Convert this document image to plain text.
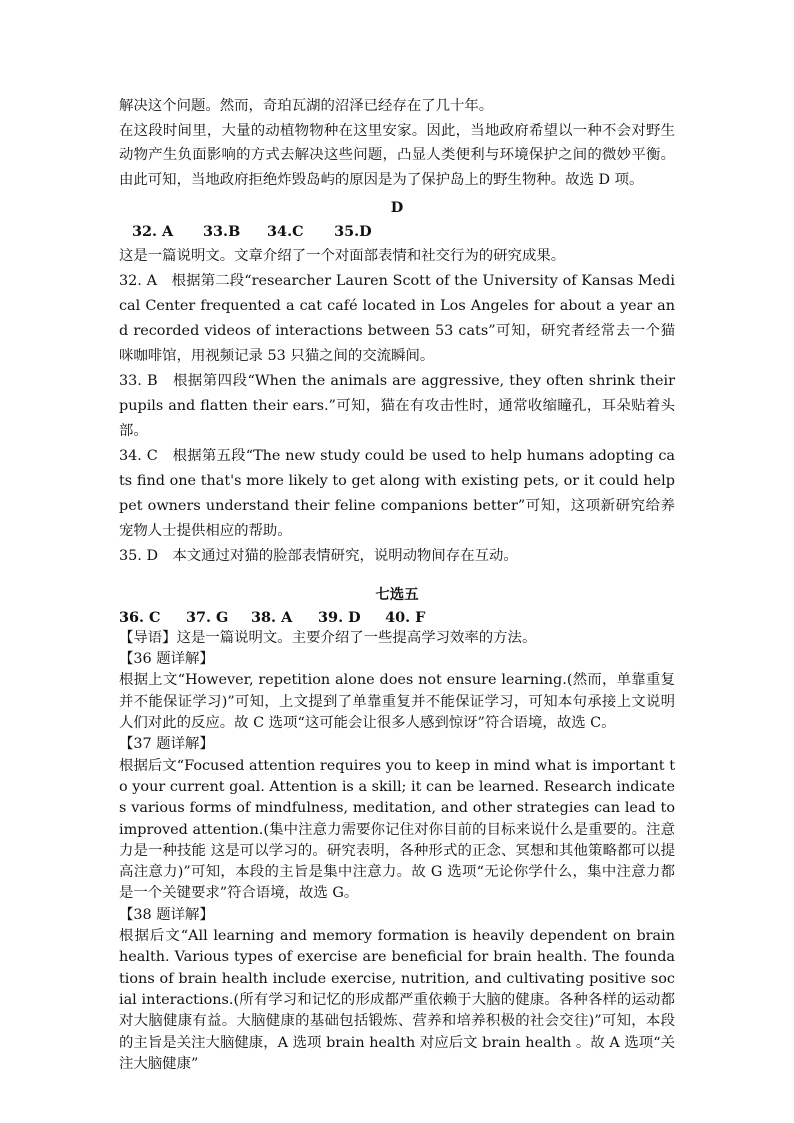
解决这个问题。然而，奇珀瓦湖的沼泽已经存在了几十年。

在这段时间里，大量的动植物物种在这里安家。因此，当地政府希望以一种不会对野生动物产生负面影响的方式去解决这些问题，凸显人类便利与环境保护之间的微妙平衡。由此可知，当地政府拒绝炸毁岛屿的原因是为了保护岛上的野生物种。故选 D 项。

D

32. A 33.B 34.C 35.D

这是一篇说明文。文章介绍了一个对面部表情和社交行为的研究成果。

32. A　根据第二段“researcher Lauren Scott of the University of Kansas Medical Center frequented a cat café located in Los Angeles for about a year and recorded videos of interactions between 53 cats”可知，研究者经常去一个猫咪咖啡馆，用视频记录 53 只猫之间的交流瞬间。

33. B　根据第四段“When the animals are aggressive, they often shrink their pupils and flatten their ears.”可知，猫在有攻击性时，通常收缩瞳孔，耳朵贴着头部。

34. C　根据第五段“The new study could be used to help humans adopting cats find one that's more likely to get along with existing pets, or it could help pet owners understand their feline companions better”可知，这项新研究给养宠物人士提供相应的帮助。

35. D　本文通过对猫的脸部表情研究，说明动物间存在互动。

七选五

36. C 37. G 38. A 39. D 40. F

【导语】这是一篇说明文。主要介绍了一些提高学习效率的方法。

【36 题详解】

根据上文“However, repetition alone does not ensure learning.(然而，单靠重复并不能保证学习)”可知，上文提到了单靠重复并不能保证学习，可知本句承接上文说明人们对此的反应。故 C 选项“这可能会让很多人感到惊讶”符合语境，故选 C。

【37 题详解】

根据后文“Focused attention requires you to keep in mind what is important to your current goal. Attention is a skill; it can be learned. Research indicates various forms of mindfulness, meditation, and other strategies can lead to improved attention.(集中注意力需要你记住对你目前的目标来说什么是重要的。注意力是一种技能 这是可以学习的。研究表明，各种形式的正念、冥想和其他策略都可以提高注意力)”可知，本段的主旨是集中注意力。故 G 选项“无论你学什么，集中注意力都是一个关键要求”符合语境，故选 G。

【38 题详解】

根据后文“All learning and memory formation is heavily dependent on brain health. Various types of exercise are beneficial for brain health. The foundations of brain health include exercise, nutrition, and cultivating positive social interactions.(所有学习和记忆的形成都严重依赖于大脑的健康。各种各样的运动都对大脑健康有益。大脑健康的基础包括锻炼、营养和培养积极的社会交往)”可知，本段的主旨是关注大脑健康，A 选项 brain health 对应后文 brain health 。故 A 选项“关注大脑健康”
